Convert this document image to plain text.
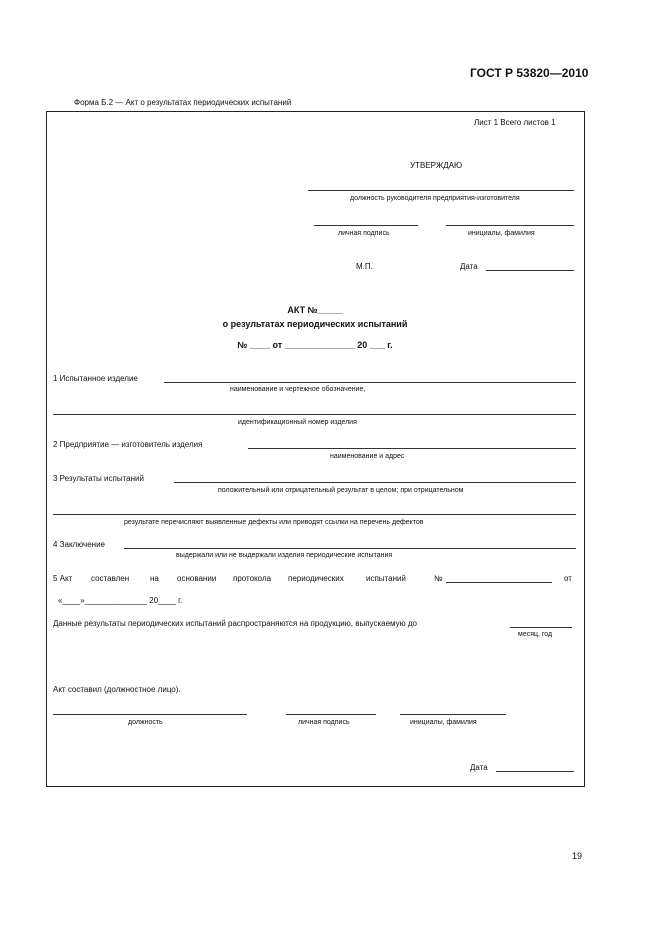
ГОСТ Р 53820—2010
Форма Б.2 — Акт о результатах периодических испытаний
Лист 1 Всего листов 1
УТВЕРЖДАЮ
должность руководителя предприятия-изготовителя
личная подпись	инициалы, фамилия
М.П.	Дата
АКТ №_____
о результатах периодических испытаний
№ ____ от ______________ 20 ___ г.
1 Испытанное изделие
наименование и чертежное обозначение,
идентификационный номер изделия
2 Предприятие — изготовитель изделия
наименование и адрес
3 Результаты испытаний
положительный или отрицательный результат в целом; при отрицательном
результате перечисляют выявленные дефекты или приводят ссылки на перечень дефектов
4 Заключение
выдержали или не выдержали изделия периодические испытания
5 Акт составлен	на основании протокола периодических	испытаний	№	от
«____»______________ 20____ г.
Данные результаты периодических испытаний распространяются на продукцию, выпускаемую до
месяц, год
Акт составил (должностное лицо).
должность	личная подпись	инициалы, фамилия
Дата
19
